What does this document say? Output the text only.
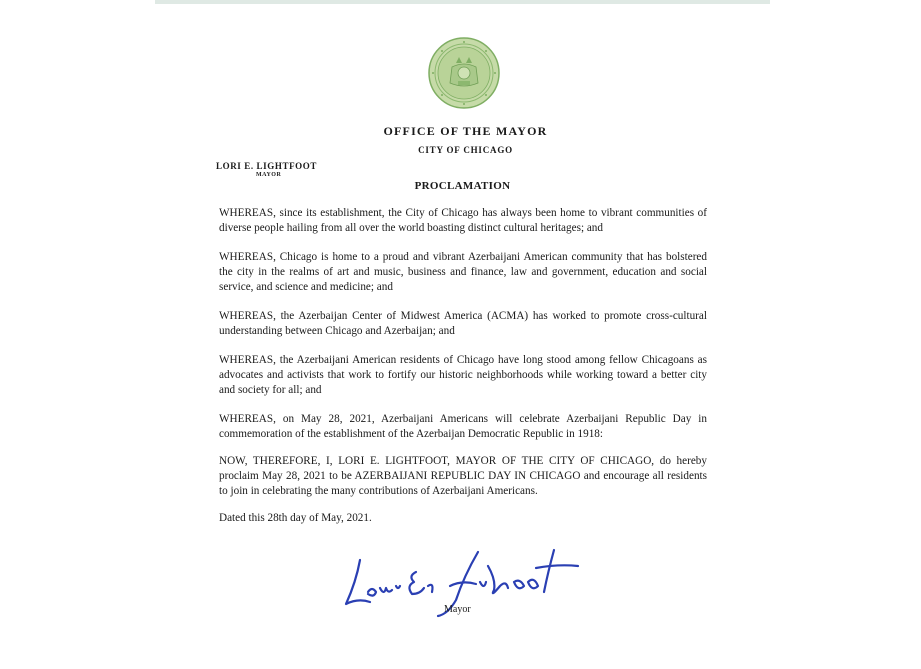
OFFICE OF THE MAYOR
CITY OF CHICAGO
LORI E. LIGHTFOOT
MAYOR
PROCLAMATION

WHEREAS, since its establishment, the City of Chicago has always been home to vibrant communities of diverse people hailing from all over the world boasting distinct cultural heritages; and

WHEREAS, Chicago is home to a proud and vibrant Azerbaijani American community that has bolstered the city in the realms of art and music, business and finance, law and government, education and social service, and science and medicine; and

WHEREAS, the Azerbaijan Center of Midwest America (ACMA) has worked to promote cross-cultural understanding between Chicago and Azerbaijan; and

WHEREAS, the Azerbaijani American residents of Chicago have long stood among fellow Chicagoans as advocates and activists that work to fortify our historic neighborhoods while working toward a better city and society for all; and

WHEREAS, on May 28, 2021, Azerbaijani Americans will celebrate Azerbaijani Republic Day in commemoration of the establishment of the Azerbaijan Democratic Republic in 1918:

NOW, THEREFORE, I, LORI E. LIGHTFOOT, MAYOR OF THE CITY OF CHICAGO, do hereby proclaim May 28, 2021 to be AZERBAIJANI REPUBLIC DAY IN CHICAGO and encourage all residents to join in celebrating the many contributions of Azerbaijani Americans.

Dated this 28th day of May, 2021.

Mayor
